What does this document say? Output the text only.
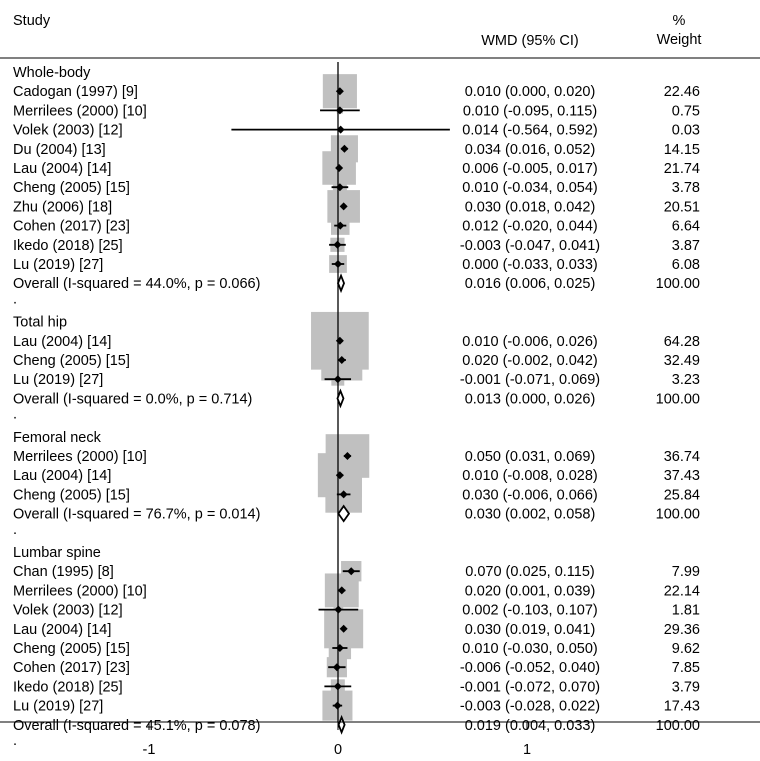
Study
WMD (95% CI)
%
Weight
Whole-body
Cadogan (1997) [9]	0.010 (0.000, 0.020)	22.46
Merrilees (2000) [10]	0.010 (-0.095, 0.115)	0.75
Volek (2003) [12]	0.014 (-0.564, 0.592)	0.03
Du (2004) [13]	0.034 (0.016, 0.052)	14.15
Lau (2004) [14]	0.006 (-0.005, 0.017)	21.74
Cheng (2005) [15]	0.010 (-0.034, 0.054)	3.78
Zhu (2006) [18]	0.030 (0.018, 0.042)	20.51
Cohen (2017) [23]	0.012 (-0.020, 0.044)	6.64
Ikedo (2018) [25]	-0.003 (-0.047, 0.041)	3.87
Lu (2019) [27]	0.000 (-0.033, 0.033)	6.08
Overall (I-squared = 44.0%, p = 0.066)	0.016 (0.006, 0.025)	100.00
.
Total hip
Lau (2004) [14]	0.010 (-0.006, 0.026)	64.28
Cheng (2005) [15]	0.020 (-0.002, 0.042)	32.49
Lu (2019) [27]	-0.001 (-0.071, 0.069)	3.23
Overall (I-squared = 0.0%, p = 0.714)	0.013 (0.000, 0.026)	100.00
.
Femoral neck
Merrilees (2000) [10]	0.050 (0.031, 0.069)	36.74
Lau (2004) [14]	0.010 (-0.008, 0.028)	37.43
Cheng (2005) [15]	0.030 (-0.006, 0.066)	25.84
Overall (I-squared = 76.7%, p = 0.014)	0.030 (0.002, 0.058)	100.00
.
Lumbar spine
Chan (1995) [8]	0.070 (0.025, 0.115)	7.99
Merrilees (2000) [10]	0.020 (0.001, 0.039)	22.14
Volek (2003) [12]	0.002 (-0.103, 0.107)	1.81
Lau (2004) [14]	0.030 (0.019, 0.041)	29.36
Cheng (2005) [15]	0.010 (-0.030, 0.050)	9.62
Cohen (2017) [23]	-0.006 (-0.052, 0.040)	7.85
Ikedo (2018) [25]	-0.001 (-0.072, 0.070)	3.79
Lu (2019) [27]	-0.003 (-0.028, 0.022)	17.43
Overall (I-squared = 45.1%, p = 0.078)	0.019 (0.004, 0.033)	100.00
.
-1	0	1
